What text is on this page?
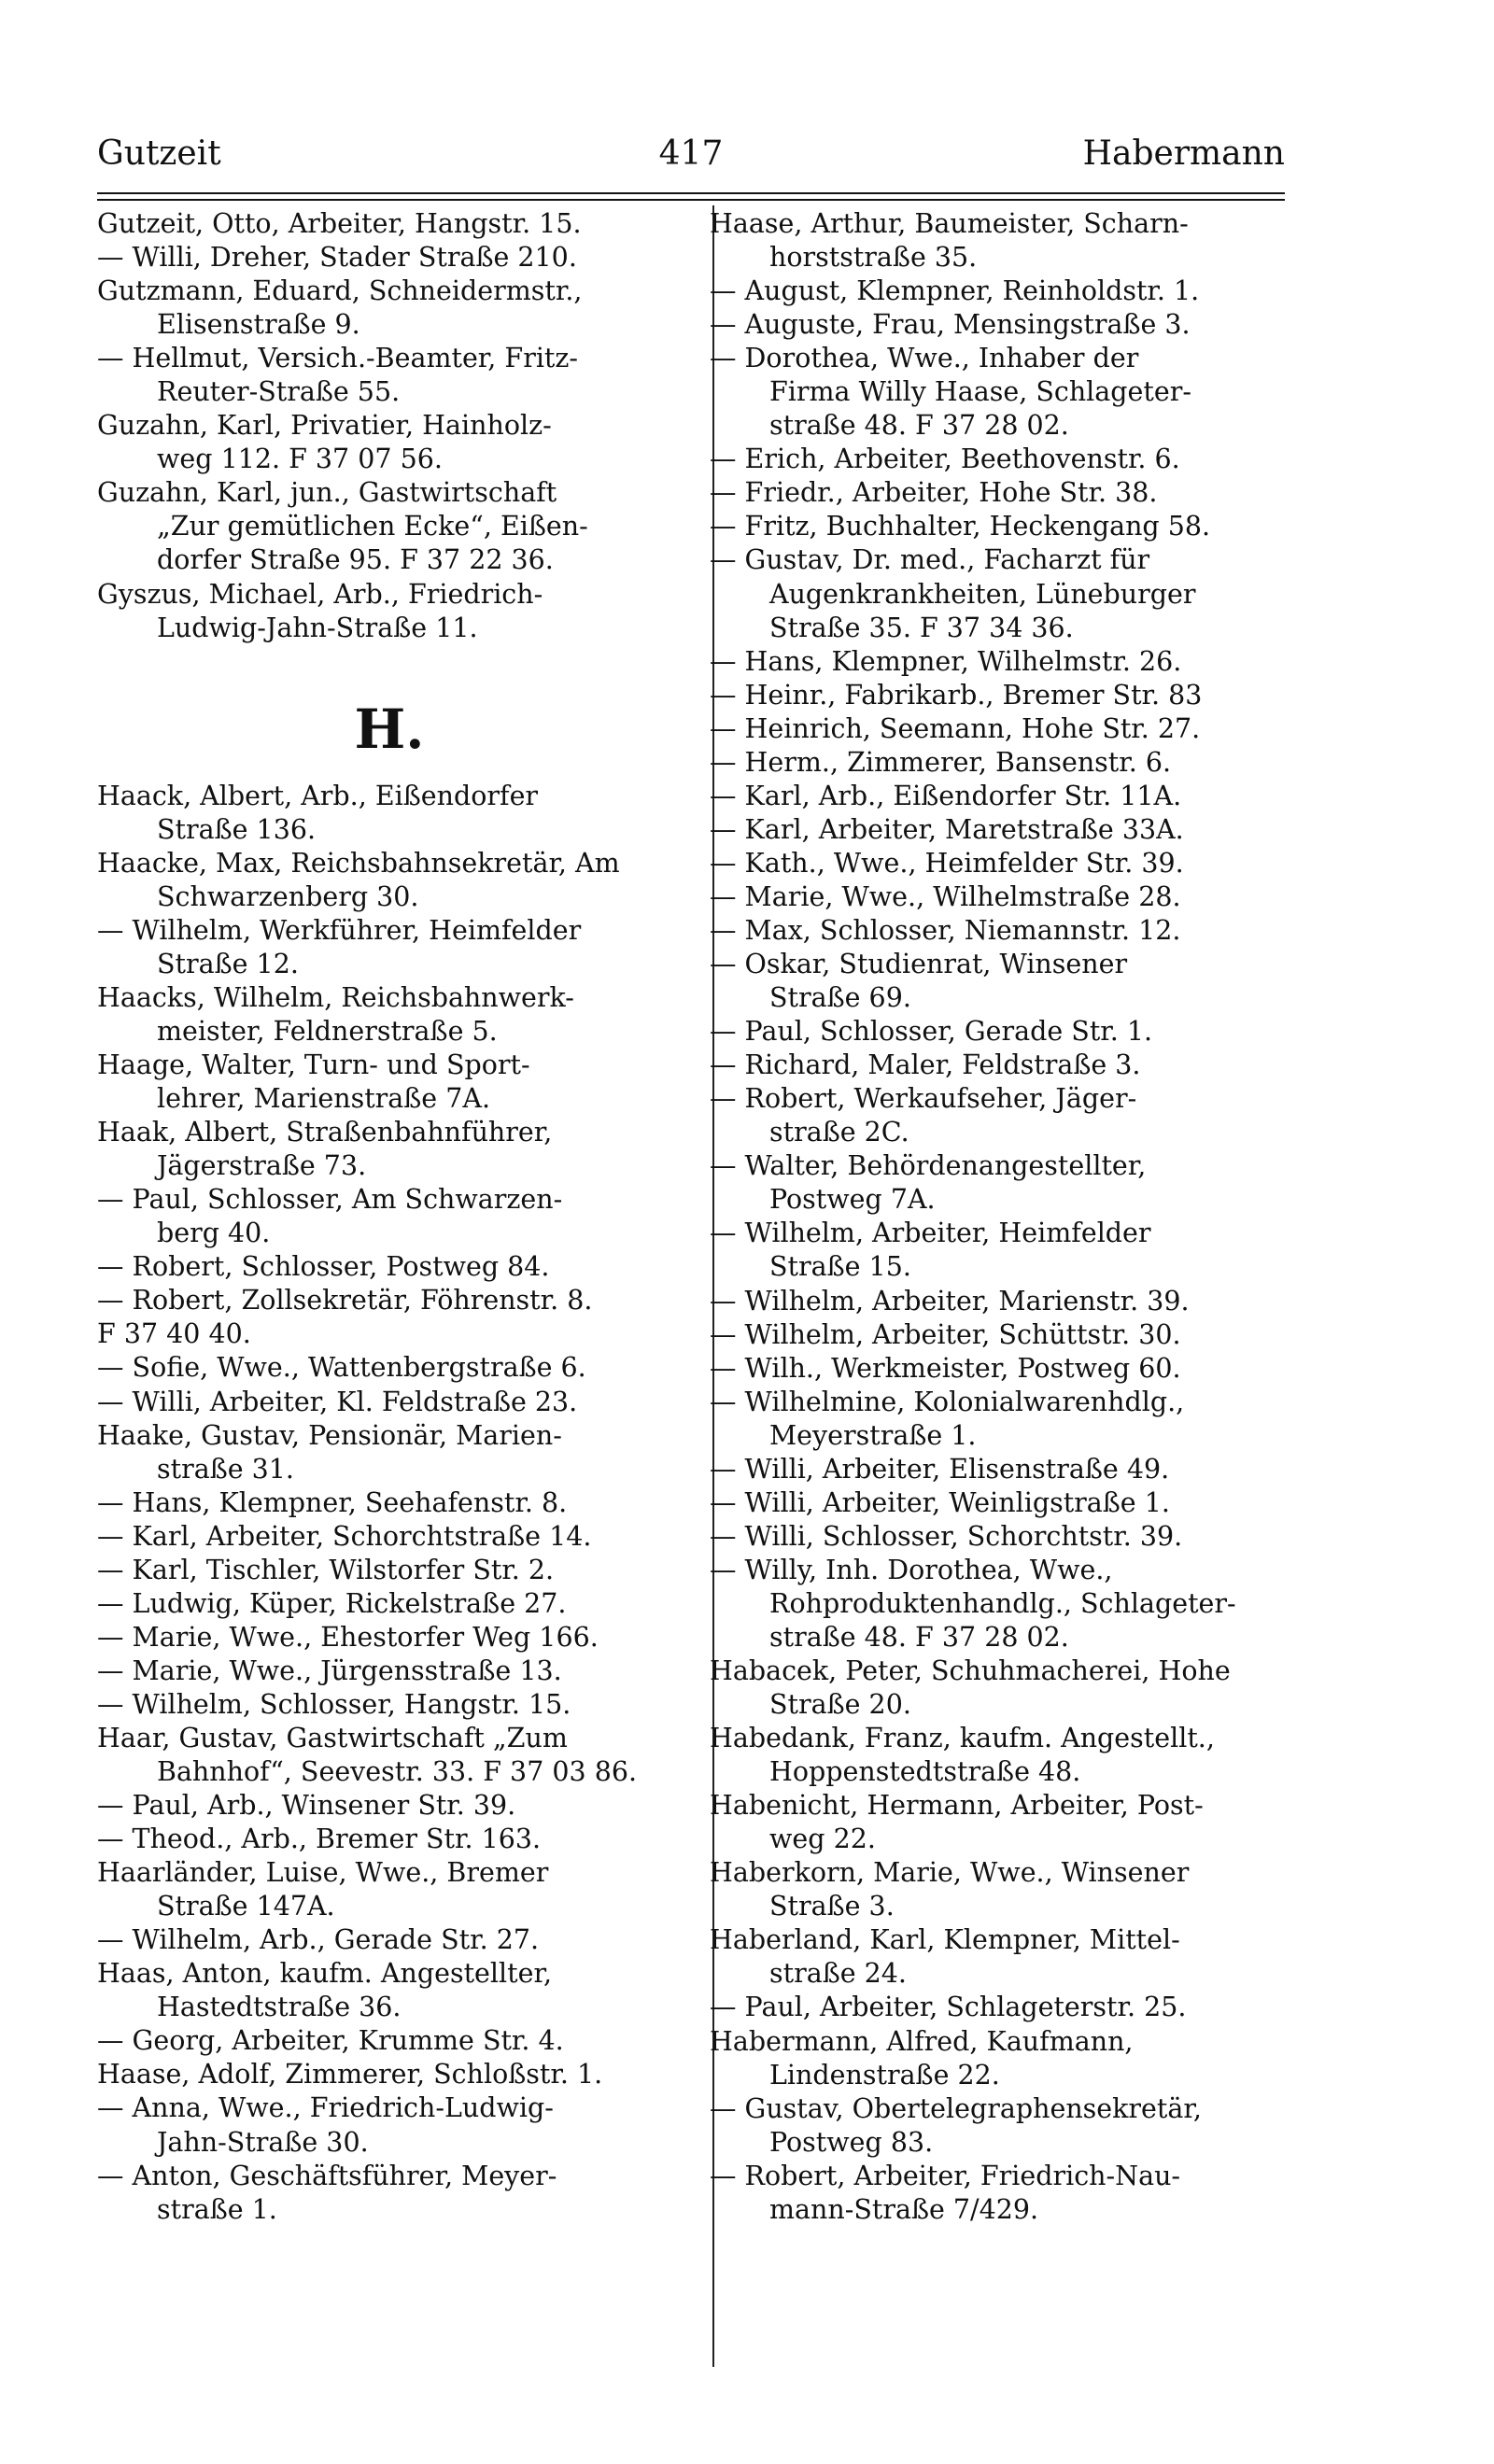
Gutzeit	417	Habermann
Gutzeit, Otto, Arbeiter, Hangstr. 15.
— Willi, Dreher, Stader Straße 210.
Gutzmann, Eduard, Schneidermstr.,
Elisenstraße 9.
— Hellmut, Versich.-Beamter, Fritz-
Reuter-Straße 55.
Guzahn, Karl, Privatier, Hainholz-
weg 112. F 37 07 56.
Guzahn, Karl, jun., Gastwirtschaft
„Zur gemütlichen Ecke“, Eißen-
dorfer Straße 95. F 37 22 36.
Gyszus, Michael, Arb., Friedrich-
Ludwig-Jahn-Straße 11.
H.
Haack, Albert, Arb., Eißendorfer
Straße 136.
Haacke, Max, Reichsbahnsekretär, Am
Schwarzenberg 30.
— Wilhelm, Werkführer, Heimfelder
Straße 12.
Haacks, Wilhelm, Reichsbahnwerk-
meister, Feldnerstraße 5.
Haage, Walter, Turn- und Sport-
lehrer, Marienstraße 7A.
Haak, Albert, Straßenbahnführer,
Jägerstraße 73.
— Paul, Schlosser, Am Schwarzen-
berg 40.
— Robert, Schlosser, Postweg 84.
— Robert, Zollsekretär, Föhrenstr. 8.
F 37 40 40.
— Sofie, Wwe., Wattenbergstraße 6.
— Willi, Arbeiter, Kl. Feldstraße 23.
Haake, Gustav, Pensionär, Marien-
straße 31.
— Hans, Klempner, Seehafenstr. 8.
— Karl, Arbeiter, Schorchtstraße 14.
— Karl, Tischler, Wilstorfer Str. 2.
— Ludwig, Küper, Rickelstraße 27.
— Marie, Wwe., Ehestorfer Weg 166.
— Marie, Wwe., Jürgensstraße 13.
— Wilhelm, Schlosser, Hangstr. 15.
Haar, Gustav, Gastwirtschaft „Zum
Bahnhof“, Seevestr. 33. F 37 03 86.
— Paul, Arb., Winsener Str. 39.
— Theod., Arb., Bremer Str. 163.
Haarländer, Luise, Wwe., Bremer
Straße 147A.
— Wilhelm, Arb., Gerade Str. 27.
Haas, Anton, kaufm. Angestellter,
Hastedtstraße 36.
— Georg, Arbeiter, Krumme Str. 4.
Haase, Adolf, Zimmerer, Schloßstr. 1.
— Anna, Wwe., Friedrich-Ludwig-
Jahn-Straße 30.
— Anton, Geschäftsführer, Meyer-
straße 1.
Haase, Arthur, Baumeister, Scharn-
horststraße 35.
— August, Klempner, Reinholdstr. 1.
— Auguste, Frau, Mensingstraße 3.
— Dorothea, Wwe., Inhaber der
Firma Willy Haase, Schlageter-
straße 48. F 37 28 02.
— Erich, Arbeiter, Beethovenstr. 6.
— Friedr., Arbeiter, Hohe Str. 38.
— Fritz, Buchhalter, Heckengang 58.
— Gustav, Dr. med., Facharzt für
Augenkrankheiten, Lüneburger
Straße 35. F 37 34 36.
— Hans, Klempner, Wilhelmstr. 26.
— Heinr., Fabrikarb., Bremer Str. 83
— Heinrich, Seemann, Hohe Str. 27.
— Herm., Zimmerer, Bansenstr. 6.
— Karl, Arb., Eißendorfer Str. 11A.
— Karl, Arbeiter, Maretstraße 33A.
— Kath., Wwe., Heimfelder Str. 39.
— Marie, Wwe., Wilhelmstraße 28.
— Max, Schlosser, Niemannstr. 12.
— Oskar, Studienrat, Winsener
Straße 69.
— Paul, Schlosser, Gerade Str. 1.
— Richard, Maler, Feldstraße 3.
— Robert, Werkaufseher, Jäger-
straße 2C.
— Walter, Behördenangestellter,
Postweg 7A.
— Wilhelm, Arbeiter, Heimfelder
Straße 15.
— Wilhelm, Arbeiter, Marienstr. 39.
— Wilhelm, Arbeiter, Schüttstr. 30.
— Wilh., Werkmeister, Postweg 60.
— Wilhelmine, Kolonialwarenhdlg.,
Meyerstraße 1.
— Willi, Arbeiter, Elisenstraße 49.
— Willi, Arbeiter, Weinligstraße 1.
— Willi, Schlosser, Schorchtstr. 39.
— Willy, Inh. Dorothea, Wwe.,
Rohproduktenhandlg., Schlageter-
straße 48. F 37 28 02.
Habacek, Peter, Schuhmacherei, Hohe
Straße 20.
Habedank, Franz, kaufm. Angestellt.,
Hoppenstedtstraße 48.
Habenicht, Hermann, Arbeiter, Post-
weg 22.
Haberkorn, Marie, Wwe., Winsener
Straße 3.
Haberland, Karl, Klempner, Mittel-
straße 24.
— Paul, Arbeiter, Schlageterstr. 25.
Habermann, Alfred, Kaufmann,
Lindenstraße 22.
— Gustav, Obertelegraphensekretär,
Postweg 83.
— Robert, Arbeiter, Friedrich-Nau-
mann-Straße 7/429.
